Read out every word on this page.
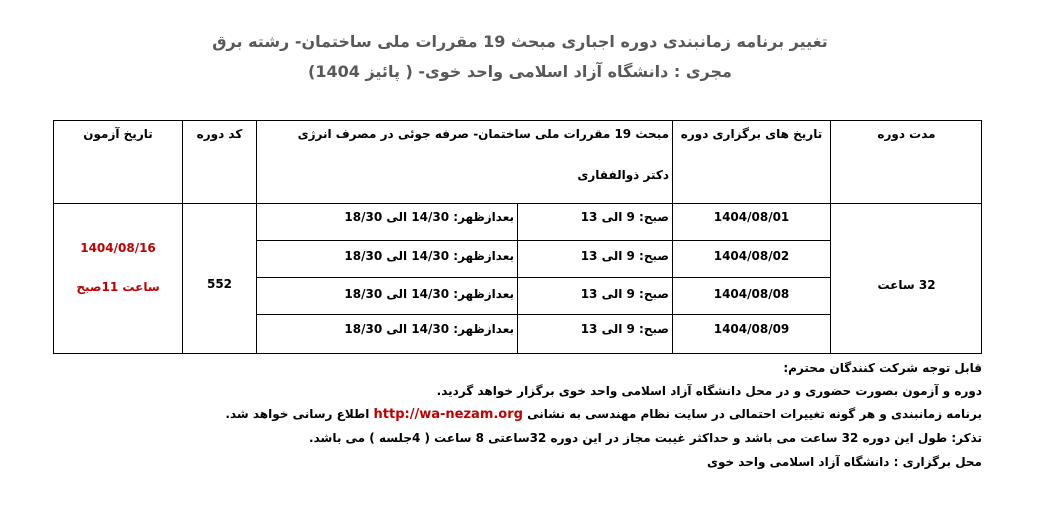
تغییر برنامه زمانبندی دوره اجباری مبحث 19 مقررات ملی ساختمان- رشته برق
مجری : دانشگاه آزاد اسلامی واحد خوی- ( پائیز 1404)
مدت دوره
تاریخ های برگزاری دوره
مبحث 19 مقررات ملی ساختمان- صرفه جوئی در مصرف انرژی
دکتر ذوالفقاری
کد دوره
تاریخ آزمون
32 ساعت
552
1404/08/16
ساعت 11صبح
1404/08/01
صبح: 9 الی 13
بعدازظهر: 14/30 الی 18/30
1404/08/02
صبح: 9 الی 13
بعدازظهر: 14/30 الی 18/30
1404/08/08
صبح: 9 الی 13
بعدازظهر: 14/30 الی 18/30
1404/08/09
صبح: 9 الی 13
بعدازظهر: 14/30 الی 18/30
قابل توجه شرکت کنندگان محترم:
دوره و آزمون بصورت حضوری و در محل دانشگاه آزاد اسلامی واحد خوی برگزار خواهد گردید.
برنامه زمانبندی و هر گونه تغییرات احتمالی در سایت نظام مهندسی به نشانی http://wa-nezam.org اطلاع رسانی خواهد شد.
تذکر: طول این دوره 32 ساعت می باشد و حداکثر غیبت مجاز در این دوره 32ساعتی 8 ساعت ( 4جلسه ) می باشد.
محل برگزاری : دانشگاه آزاد اسلامی واحد خوی
